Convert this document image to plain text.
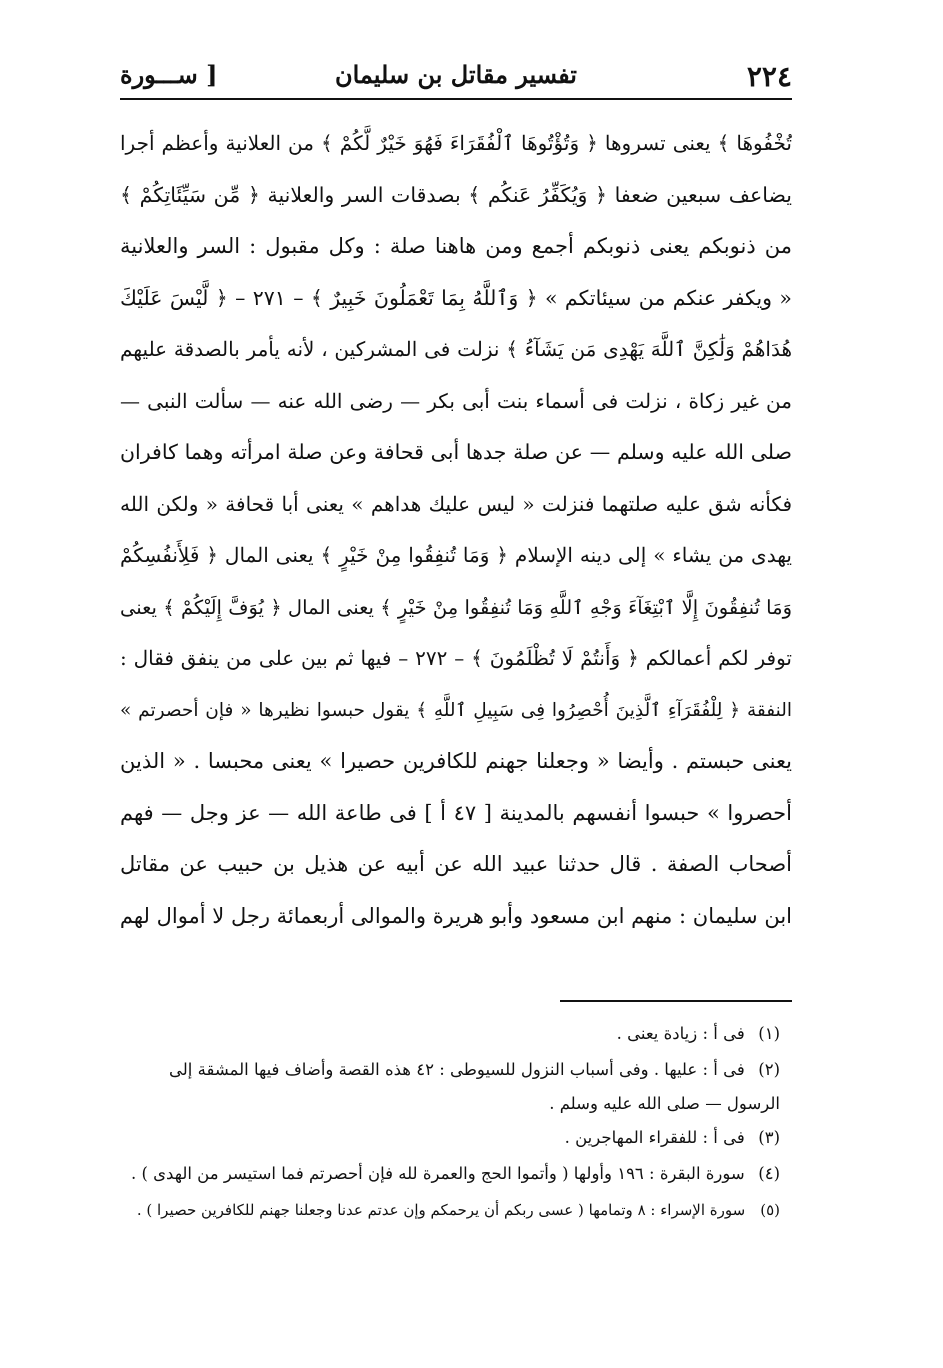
٢٢٤
تفسير مقاتل بن سليمان
[ ســـورة
تُخْفُوهَا ﴾ يعنى تسروها ﴿ وَتُؤْتُوهَا ٱلْفُقَرَاءَ فَهُوَ خَيْرٌ لَّكُمْ ﴾ من العلانية وأعظم أجرا
يضاعف سبعين ضعفا ﴿ وَيُكَفِّرُ عَنكُم ﴾ بصدقات السر والعلانية ﴿ مِّن سَيِّئَاتِكُمْ ﴾
من ذنوبكم يعنى ذنوبكم أجمع ومن هاهنا صلة : وكل مقبول : السر والعلانية
« ويكفر عنكم من سيئاتكم » ﴿ وَٱللَّهُ بِمَا تَعْمَلُونَ خَبِيرٌ ﴾ – ٢٧١ – ﴿ لَّيْسَ عَلَيْكَ
هُدَاهُمْ وَلَٰكِنَّ ٱللَّهَ يَهْدِى مَن يَشَآءُ ﴾ نزلت فى المشركين ، لأنه يأمر بالصدقة عليهم
من غير زكاة ، نزلت فى أسماء بنت أبى بكر — رضى الله عنه — سألت النبى —
صلى الله عليه وسلم — عن صلة جدها أبى قحافة وعن صلة امرأته وهما كافران
فكأنه شق عليه صلتهما فنزلت « ليس عليك هداهم » يعنى أبا قحافة « ولكن الله
يهدى من يشاء » إلى دينه الإسلام ﴿ وَمَا تُنفِقُوا مِنْ خَيْرٍ ﴾ يعنى المال ﴿ فَلِأَنفُسِكُمْ
وَمَا تُنفِقُونَ إِلَّا ٱبْتِغَآءَ وَجْهِ ٱللَّهِ وَمَا تُنفِقُوا مِنْ خَيْرٍ ﴾ يعنى المال ﴿ يُوَفَّ إِلَيْكُمْ ﴾ يعنى
توفر لكم أعمالكم ﴿ وَأَنتُمْ لَا تُظْلَمُونَ ﴾ – ٢٧٢ – فيها ثم بين على من ينفق فقال :
النفقة ﴿ لِلْفُقَرَآءِ ٱلَّذِينَ أُحْصِرُوا فِى سَبِيلِ ٱللَّهِ ﴾ يقول حبسوا نظيرها « فإن أحصرتم »
يعنى حبستم . وأيضا « وجعلنا جهنم للكافرين حصيرا » يعنى محبسا . « الذين
أحصروا » حبسوا أنفسهم بالمدينة [ ٤٧ أ ] فى طاعة الله — عز وجل — فهم
أصحاب الصفة . قال حدثنا عبيد الله عن أبيه عن هذيل بن حبيب عن مقاتل
ابن سليمان : منهم ابن مسعود وأبو هريرة والموالى أربعمائة رجل لا أموال لهم
(١) فى أ : زيادة يعنى .
(٢) فى أ : عليها . وفى أسباب النزول للسيوطى : ٤٢ هذه القصة وأضاف فيها المشقة إلى
الرسول — صلى الله عليه وسلم .
(٣) فى أ : للفقراء المهاجرين .
(٤) سورة البقرة : ١٩٦ وأولها ( وأتموا الحج والعمرة لله فإن أحصرتم فما استيسر من الهدى ) .
(٥) سورة الإسراء : ٨ وتمامها ( عسى ربكم أن يرحمكم وإن عدتم عدنا وجعلنا جهنم للكافرين حصيرا ) .
